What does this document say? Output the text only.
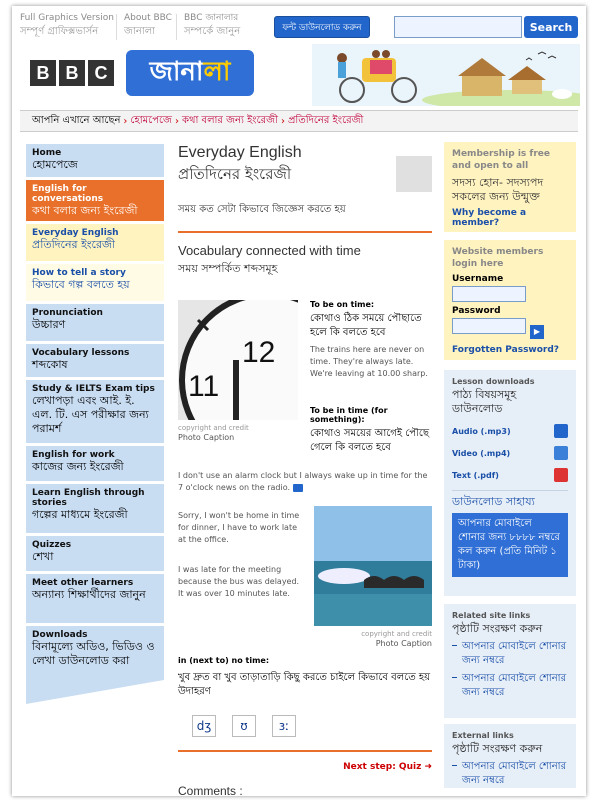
Full Graphics Version
সম্পূর্ণ গ্রাফিক্সভার্সন
About BBC
জানালা
BBC জানালার
সম্পর্কে জানুন	ফন্ট ডাউনলোড করুন	Search
B B C জানা লা
আপনি এখানে আছেন › হোমপেজে › কথা বলার জন্য ইংরেজী › প্রতিদিনের ইংরেজী
Home
হোমপেজে
English for conversations
কথা বলার জন্য ইংরেজী
Everyday English
প্রতিদিনের ইংরেজী
How to tell a story
কিভাবে গল্প বলতে হয়
Pronunciation
উচ্চারণ
Vocabulary lessons
শব্দকোষ
Study & IELTS Exam tips
লেখাপড়া এবং আই. ই. এল. টি. এস পরীক্ষার জন্য পরামর্শ
English for work
কাজের জন্য ইংরেজী
Learn English through stories
গল্পের মাধ্যমে ইংরেজী
Quizzes
শেখা
Meet other learners
অন্যান্য শিক্ষার্থীদের জানুন
Downloads
বিনামূল্যে অডিও, ভিডিও ও লেখা ডাউনলোড করা
Everyday English
প্রতিদিনের ইংরেজী
সময় কত সেটা কিভাবে জিজ্ঞেস করতে হয়
Vocabulary connected with time
সময় সম্পর্কিত শব্দসমূহ
12
11
copyright and credit
Photo Caption
To be on time:
কোথাও ঠিক সময়ে পৌছাতে হলে কি বলতে হবে
The trains here are never on time. They're always late. We're leaving at 10.00 sharp.
To be in time (for something):
কোথাও সময়ের আগেই পৌছে গেলে কি বলতে হবে
I don't use an alarm clock but I always wake up in time for the 7 o'clock news on the radio.
Sorry, I won't be home in time for dinner, I have to work late at the office.
I was late for the meeting because the bus was delayed. It was over 10 minutes late.
copyright and credit
Photo Caption
in (next to) no time:
খুব দ্রুত বা খুব তাড়াতাড়ি কিছু করতে চাইলে কিভাবে বলতে হয় উদাহরণ
dʒ	ʊ	ɜː
Next step: Quiz ➜
Comments :
Membership is free and open to all
সদস্য হোন- সদস্যপদ সকলের জন্য উন্মুক্ত
Why become a member?
Website members login here
Username
Password
▶
Forgotten Password?
Lesson downloads
পাঠ্য বিষয়সমূহ ডাউনলোড
Audio (.mp3)
Video (.mp4)
Text (.pdf)
ডাউনলোড সাহায্য
আপনার মোবাইলে শোনার জন্য ৮৮৮৮ নম্বরে কল করুন (প্রতি মিনিট ১ টাকা)
Related site links
পৃষ্ঠাটি সংরক্ষণ করুন
আপনার মোবাইলে শোনার জন্য নম্বরে
আপনার মোবাইলে শোনার জন্য নম্বরে
External links
পৃষ্ঠাটি সংরক্ষণ করুন
আপনার মোবাইলে শোনার জন্য নম্বরে
